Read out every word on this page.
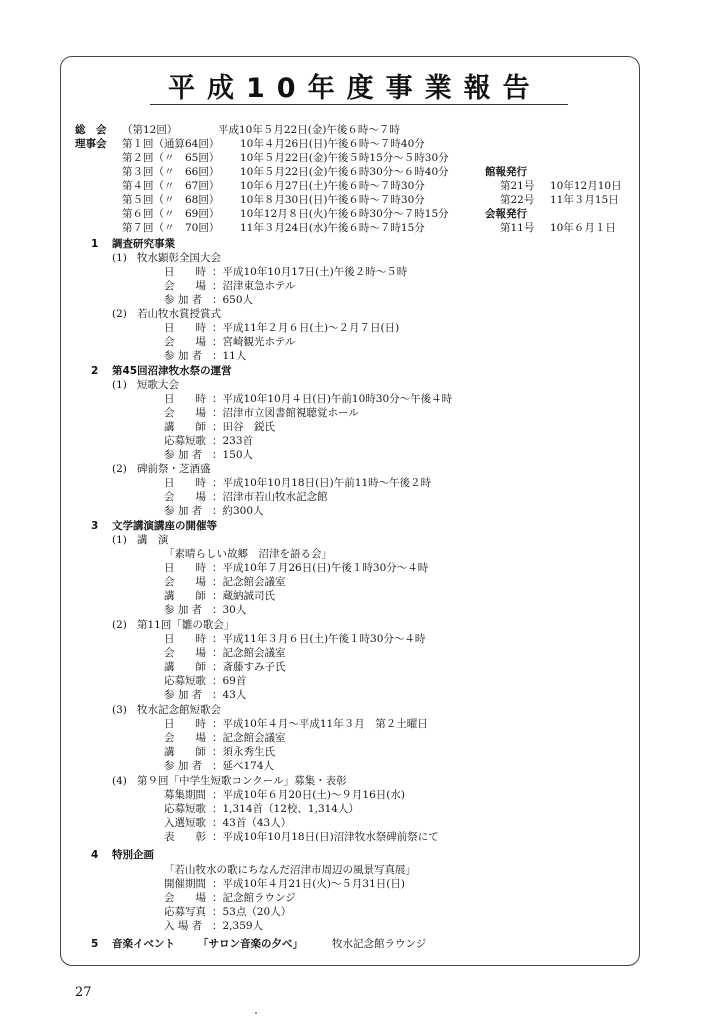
平成10年度事業報告
総　会 （第12回）	平成10年５月22日(金)午後６時～７時
理事会 第１回（通算64回） 10年４月26日(日)午後６時～７時40分
第２回（〃　65回） 10年５月22日(金)午後５時15分～５時30分
第３回（〃　66回） 10年５月22日(金)午後６時30分～６時40分
第４回（〃　67回） 10年６月27日(土)午後６時～７時30分
第５回（〃　68回） 10年８月30日(日)午後６時～７時30分
第６回（〃　69回） 10年12月８日(火)午後６時30分～７時15分
第７回（〃　70回） 11年３月24日(水)午後６時～７時15分
館報発行
第21号 10年12月10日
第22号 11年３月15日
会報発行
第11号 10年６月１日
1 調査研究事業
(1) 牧水顕彰全国大会
日　　時 ：平成10年10月17日(土)午後２時～５時
会　　場 ：沼津東急ホテル
参 加 者 ：650人
(2) 若山牧水賞授賞式
日　　時 ：平成11年２月６日(土)～２月７日(日)
会　　場 ：宮崎観光ホテル
参 加 者 ：11人
2 第45回沼津牧水祭の運営
(1) 短歌大会
日　　時 ：平成10年10月４日(日)午前10時30分～午後４時
会　　場 ：沼津市立図書館視聴覚ホール
講　　師 ：田谷　鋭氏
応募短歌 ：233首
参 加 者 ：150人
(2) 碑前祭・芝酒盛
日　　時 ：平成10年10月18日(日)午前11時～午後２時
会　　場 ：沼津市若山牧水記念館
参 加 者 ：約300人
3 文学講演講座の開催等
(1) 講　演
「素晴らしい故郷　沼津を語る会」
日　　時 ：平成10年７月26日(日)午後１時30分～４時
会　　場 ：記念館会議室
講　　師 ：蔵納誠司氏
参 加 者 ：30人
(2) 第11回「雛の歌会」
日　　時 ：平成11年３月６日(土)午後１時30分～４時
会　　場 ：記念館会議室
講　　師 ：斎藤すみ子氏
応募短歌 ：69首
参 加 者 ：43人
(3) 牧水記念館短歌会
日　　時 ：平成10年４月～平成11年３月　第２土曜日
会　　場 ：記念館会議室
講　　師 ：須永秀生氏
参 加 者 ：延べ174人
(4) 第９回「中学生短歌コンクール」募集・表彰
募集期間 ：平成10年６月20日(土)～９月16日(水)
応募短歌 ：1,314首（12校、1,314人）
入選短歌 ：43首（43人）
表　　彰 ：平成10年10月18日(日)沼津牧水祭碑前祭にて
4 特別企画
「若山牧水の歌にちなんだ沼津市周辺の風景写真展」
開催期間 ：平成10年４月21日(火)～５月31日(日)
会　　場 ：記念館ラウンジ
応募写真 ：53点（20人）
入 場 者 ：2,359人
5 音楽イベント 「サロン音楽の夕べ」	牧水記念館ラウンジ
27
